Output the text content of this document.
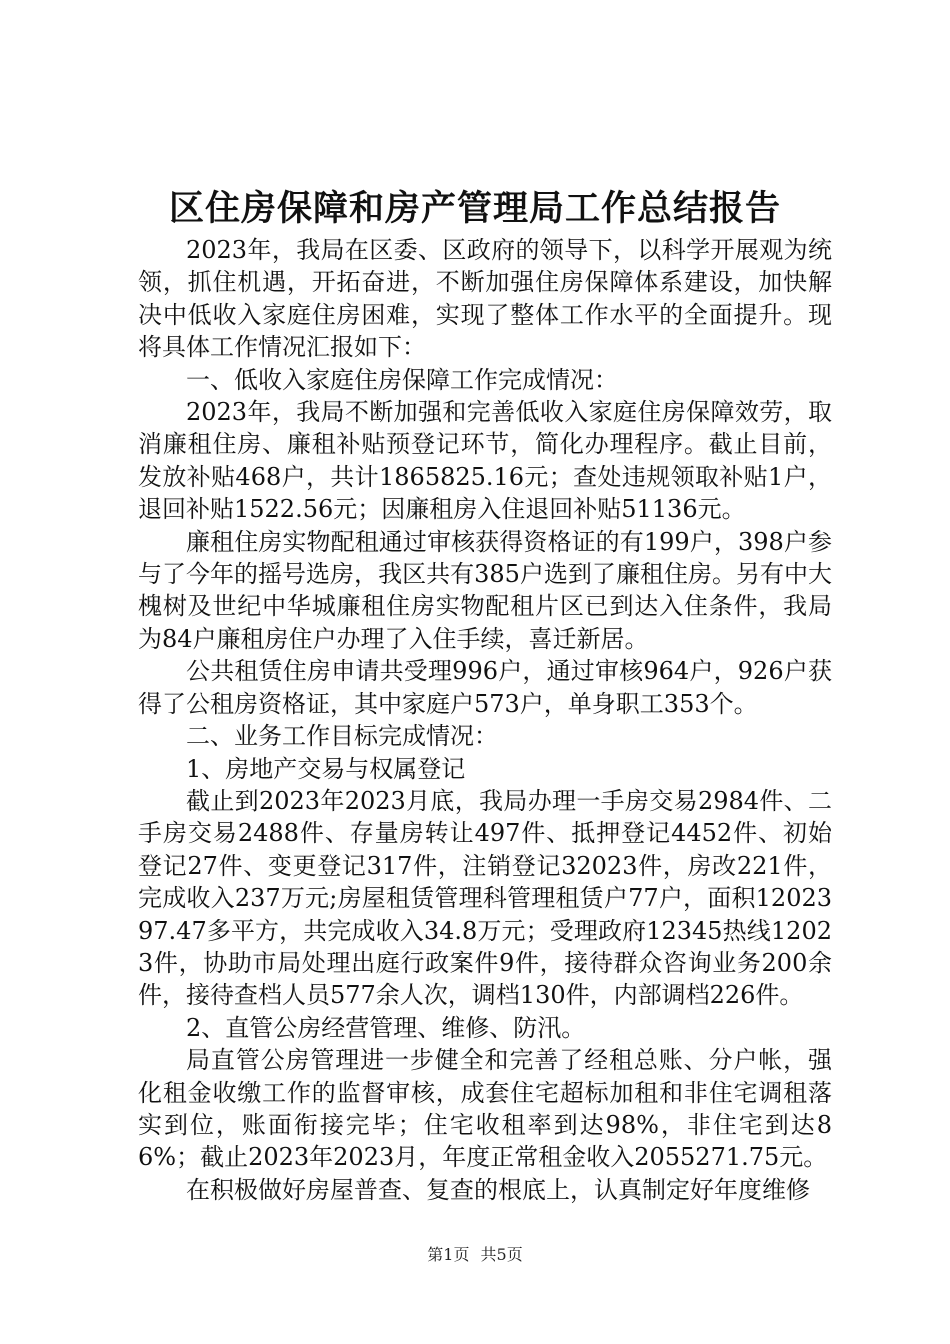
区住房保障和房产管理局工作总结报告

2023年，我局在区委、区政府的领导下，以科学开展观为统领，抓住机遇，开拓奋进，不断加强住房保障体系建设，加快解决中低收入家庭住房困难，实现了整体工作水平的全面提升。现将具体工作情况汇报如下：

一、低收入家庭住房保障工作完成情况：

2023年，我局不断加强和完善低收入家庭住房保障效劳，取消廉租住房、廉租补贴预登记环节，简化办理程序。截止目前，发放补贴468户，共计1865825.16元；查处违规领取补贴1户，退回补贴1522.56元；因廉租房入住退回补贴51136元。

廉租住房实物配租通过审核获得资格证的有199户，398户参与了今年的摇号选房，我区共有385户选到了廉租住房。另有中大槐树及世纪中华城廉租住房实物配租片区已到达入住条件，我局为84户廉租房住户办理了入住手续，喜迁新居。

公共租赁住房申请共受理996户，通过审核964户，926户获得了公租房资格证，其中家庭户573户，单身职工353个。

二、业务工作目标完成情况：

1、房地产交易与权属登记

截止到2023年2023月底，我局办理一手房交易2984件、二手房交易2488件、存量房转让497件、抵押登记4452件、初始登记27件、变更登记317件，注销登记32023件，房改221件，完成收入237万元;房屋租赁管理科管理租赁户77户，面积1202397.47多平方，共完成收入34.8万元；受理政府12345热线12023件，协助市局处理出庭行政案件9件，接待群众咨询业务200余件，接待查档人员577余人次，调档130件，内部调档226件。

2、直管公房经营管理、维修、防汛。

局直管公房管理进一步健全和完善了经租总账、分户帐，强化租金收缴工作的监督审核，成套住宅超标加租和非住宅调租落实到位，账面衔接完毕；住宅收租率到达98%，非住宅到达86%；截止2023年2023月，年度正常租金收入2055271.75元。

在积极做好房屋普查、复查的根底上，认真制定好年度维修

第1页 共5页
